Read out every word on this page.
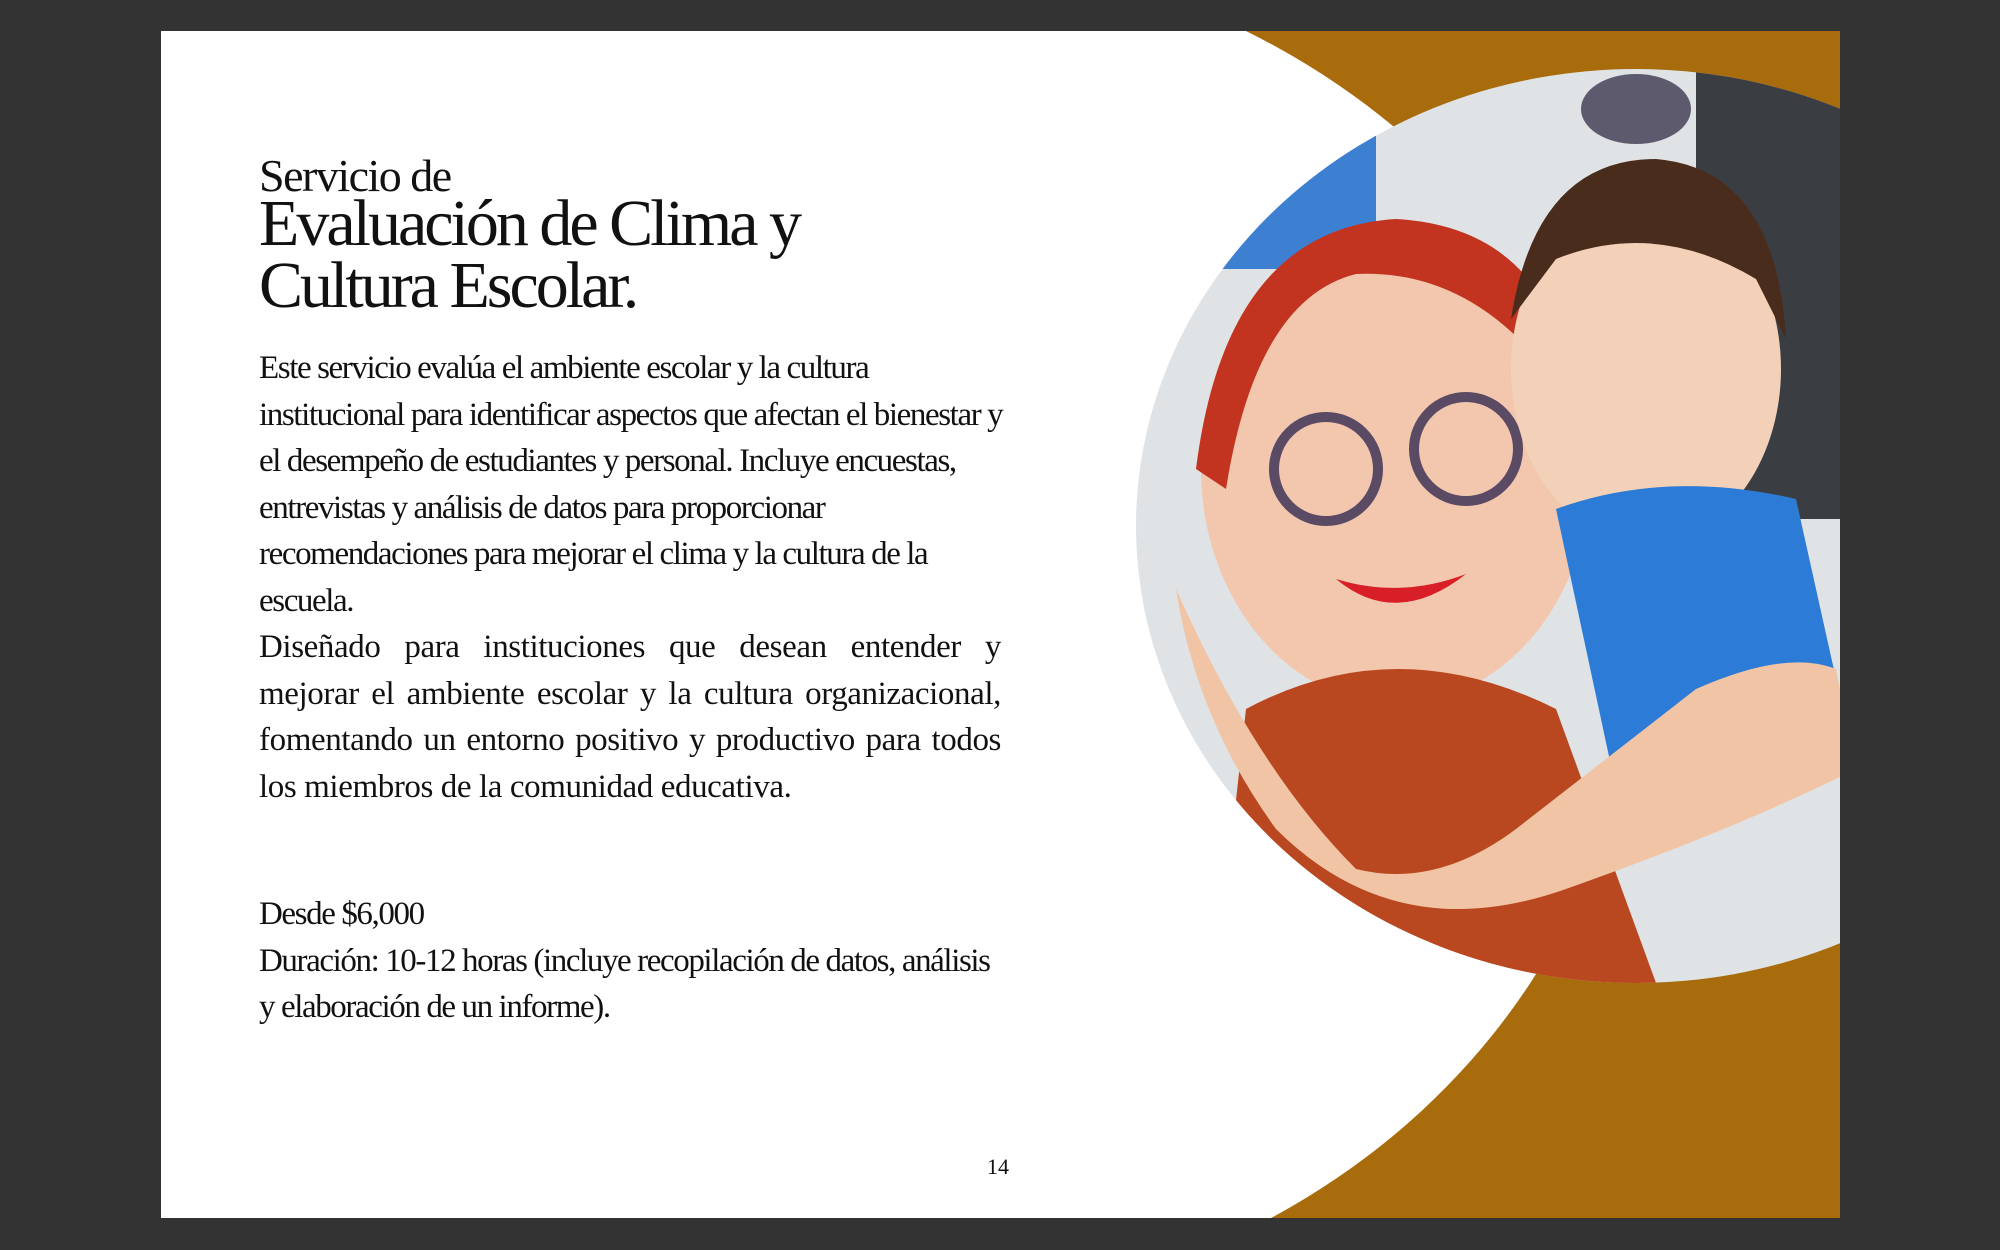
Servicio de
Evaluación de Clima y Cultura Escolar.

Este servicio evalúa el ambiente escolar y la cultura institucional para identificar aspectos que afectan el bienestar y el desempeño de estudiantes y personal. Incluye encuestas, entrevistas y análisis de datos para proporcionar recomendaciones para mejorar el clima y la cultura de la escuela.

Diseñado para instituciones que desean entender y mejorar el ambiente escolar y la cultura organizacional, fomentando un entorno positivo y productivo para todos los miembros de la comunidad educativa.

Desde $6,000

Duración: 10-12 horas (incluye recopilación de datos, análisis y elaboración de un informe).

14
